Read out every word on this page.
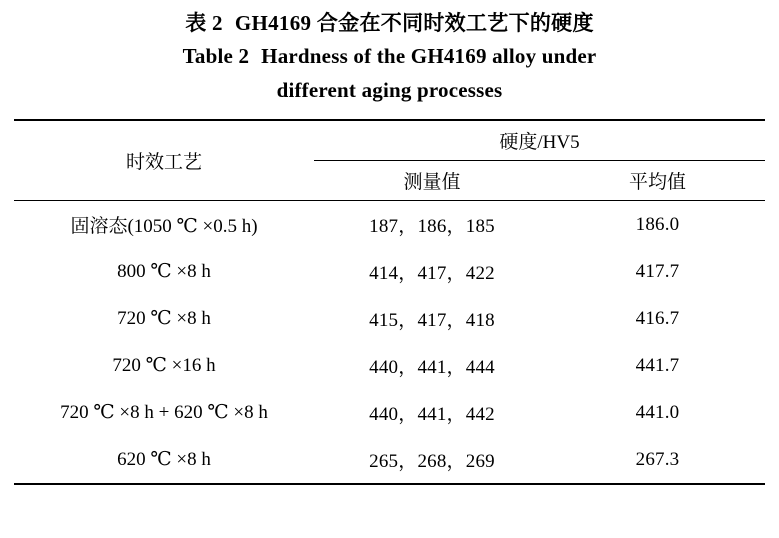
表 2 GH4169 合金在不同时效工艺下的硬度
Table 2 Hardness of the GH4169 alloy under
different aging processes
时效工艺	硬度/HV5	
	测量值	平均值
固溶态(1050 ℃ ×0.5 h)	187，186，185	186.0
800 ℃ ×8 h	414，417，422	417.7
720 ℃ ×8 h	415，417，418	416.7
720 ℃ ×16 h	440，441，444	441.7
720 ℃ ×8 h + 620 ℃ ×8 h	440，441，442	441.0
620 ℃ ×8 h	265，268，269	267.3
